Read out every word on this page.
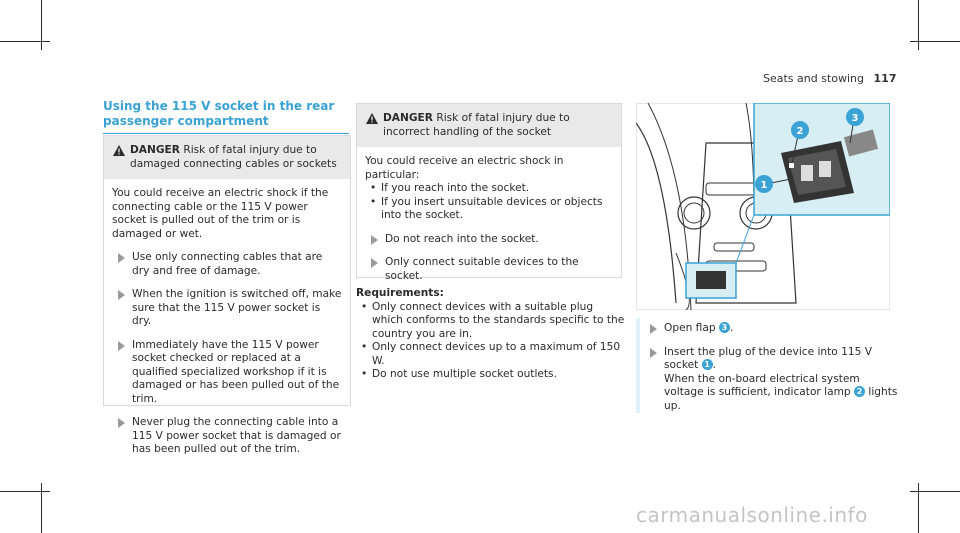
Seats and stowing 117
Using the 115 V socket in the rear passenger compartment
DANGER Risk of fatal injury due to damaged connecting cables or sockets
You could receive an electric shock if the connecting cable or the 115 V power socket is pulled out of the trim or is damaged or wet.
Use only connecting cables that are dry and free of damage.
When the ignition is switched off, make sure that the 115 V power socket is dry.
Immediately have the 115 V power socket checked or replaced at a qualified specialized workshop if it is damaged or has been pulled out of the trim.
Never plug the connecting cable into a 115 V power socket that is damaged or has been pulled out of the trim.
DANGER Risk of fatal injury due to incorrect handling of the socket
You could receive an electric shock in particular:
• If you reach into the socket.
• If you insert unsuitable devices or objects into the socket.
Do not reach into the socket.
Only connect suitable devices to the socket.
Requirements:
• Only connect devices with a suitable plug which conforms to the standards specific to the country you are in.
• Only connect devices up to a maximum of 150 W.
• Do not use multiple socket outlets.
1
2
3
Open flap 3 .
Insert the plug of the device into 115 V socket 1 .
When the on-board electrical system voltage is sufficient, indicator lamp 2 lights up.
carmanualsonline.info
